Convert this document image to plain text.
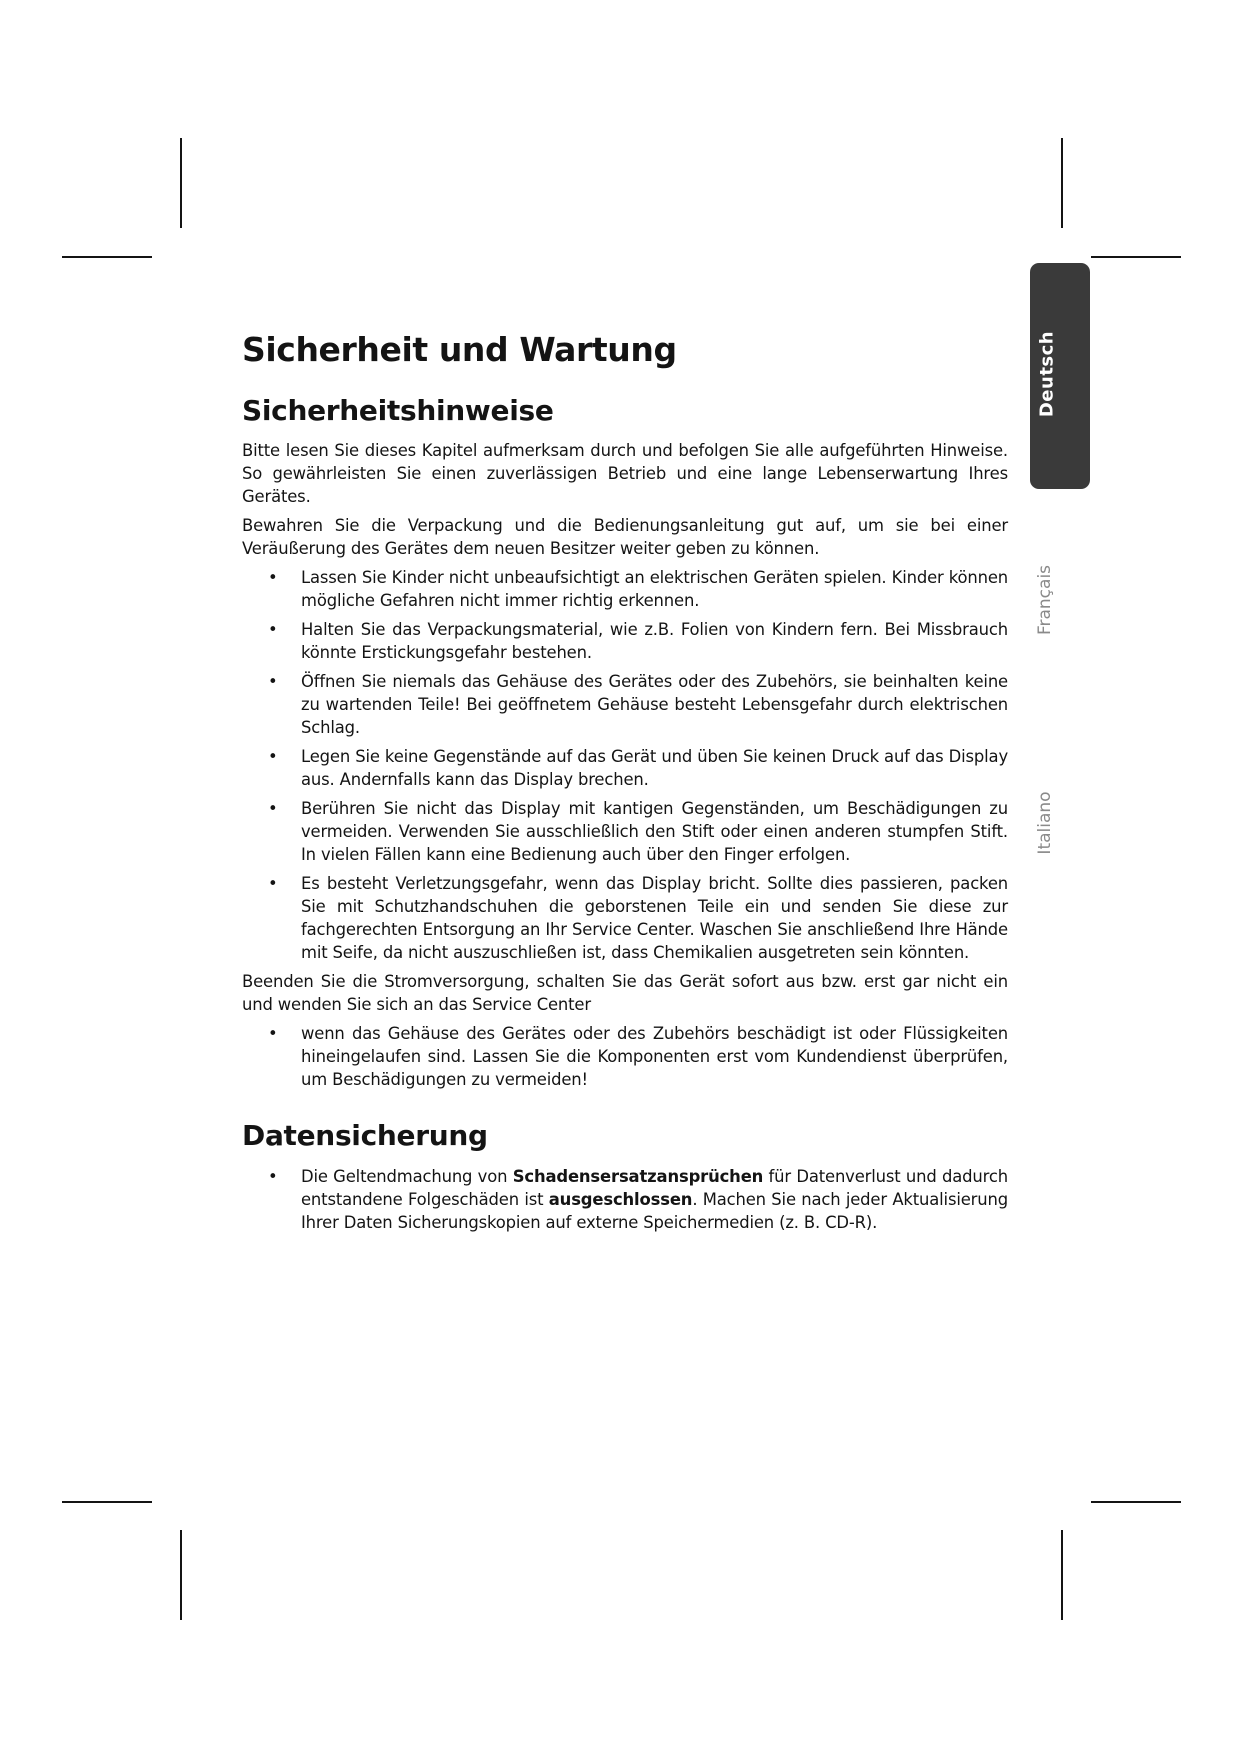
Deutsch
Français
Italiano
Sicherheit und Wartung
Sicherheitshinweise

Bitte lesen Sie dieses Kapitel aufmerksam durch und befolgen Sie alle aufgeführten Hinweise. So gewährleisten Sie einen zuverlässigen Betrieb und eine lange Lebenserwartung Ihres Gerätes.

Bewahren Sie die Verpackung und die Bedienungsanleitung gut auf, um sie bei einer Veräußerung des Gerätes dem neuen Besitzer weiter geben zu können.

• Lassen Sie Kinder nicht unbeaufsichtigt an elektrischen Geräten spielen. Kinder können mögliche Gefahren nicht immer richtig erkennen.
• Halten Sie das Verpackungsmaterial, wie z.B. Folien von Kindern fern. Bei Missbrauch könnte Erstickungsgefahr bestehen.
• Öffnen Sie niemals das Gehäuse des Gerätes oder des Zubehörs, sie beinhalten keine zu wartenden Teile! Bei geöffnetem Gehäuse besteht Lebensgefahr durch elektrischen Schlag.
• Legen Sie keine Gegenstände auf das Gerät und üben Sie keinen Druck auf das Display aus. Andernfalls kann das Display brechen.
• Berühren Sie nicht das Display mit kantigen Gegenständen, um Beschädigungen zu vermeiden. Verwenden Sie ausschließlich den Stift oder einen anderen stumpfen Stift. In vielen Fällen kann eine Bedienung auch über den Finger erfolgen.
• Es besteht Verletzungsgefahr, wenn das Display bricht. Sollte dies passieren, packen Sie mit Schutzhandschuhen die geborstenen Teile ein und senden Sie diese zur fachgerechten Entsorgung an Ihr Service Center. Waschen Sie anschließend Ihre Hände mit Seife, da nicht auszuschließen ist, dass Chemikalien ausgetreten sein könnten.

Beenden Sie die Stromversorgung, schalten Sie das Gerät sofort aus bzw. erst gar nicht ein und wenden Sie sich an das Service Center

• wenn das Gehäuse des Gerätes oder des Zubehörs beschädigt ist oder Flüssigkeiten hineingelaufen sind. Lassen Sie die Komponenten erst vom Kundendienst überprüfen, um Beschädigungen zu vermeiden!
Datensicherung
• Die Geltendmachung von Schadensersatzansprüchen für Datenverlust und dadurch entstandene Folgeschäden ist ausgeschlossen. Machen Sie nach jeder Aktualisierung Ihrer Daten Sicherungskopien auf externe Speichermedien (z. B. CD-R).
